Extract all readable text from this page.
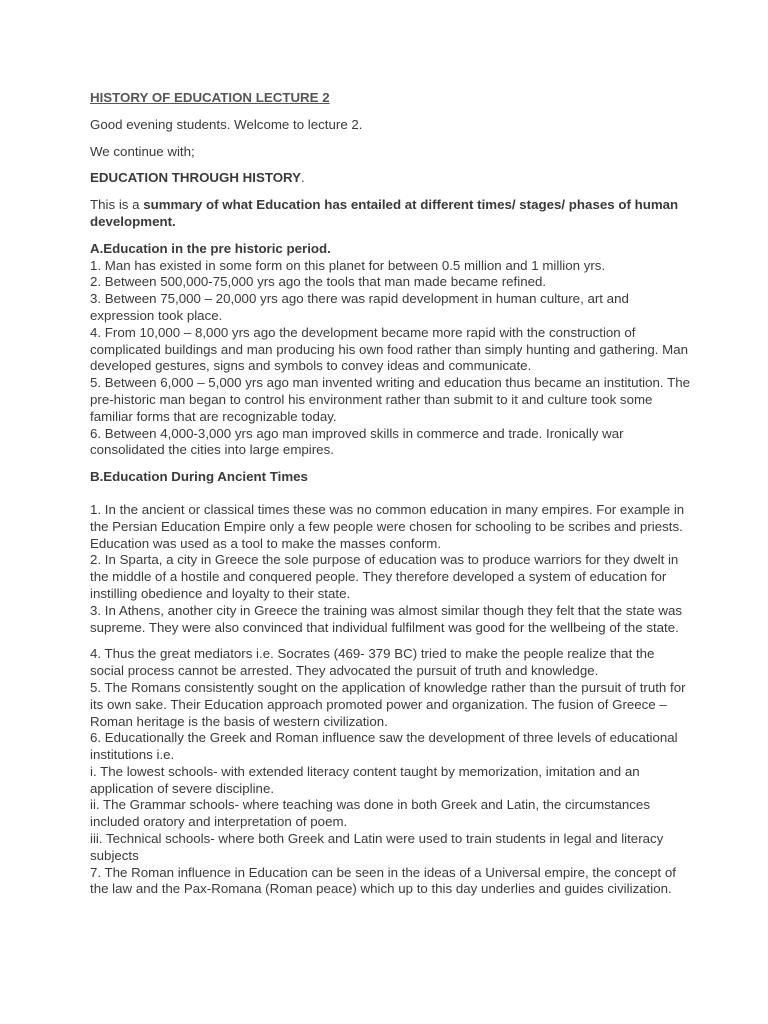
HISTORY OF EDUCATION LECTURE 2

Good evening students. Welcome to lecture 2.

We continue with;

EDUCATION THROUGH HISTORY.

This is a summary of what Education has entailed at different times/ stages/ phases of human development.

A.Education in the pre historic period.

1. Man has existed in some form on this planet for between 0.5 million and 1 million yrs.

2. Between 500,000-75,000 yrs ago the tools that man made became refined.

3. Between 75,000 – 20,000 yrs ago there was rapid development in human culture, art and expression took place.

4. From 10,000 – 8,000 yrs ago the development became more rapid with the construction of complicated buildings and man producing his own food rather than simply hunting and gathering. Man developed gestures, signs and symbols to convey ideas and communicate.

5. Between 6,000 – 5,000 yrs ago man invented writing and education thus became an institution. The pre-historic man began to control his environment rather than submit to it and culture took some familiar forms that are recognizable today.

6. Between 4,000-3,000 yrs ago man improved skills in commerce and trade. Ironically war consolidated the cities into large empires.

B.Education During Ancient Times

1. In the ancient or classical times these was no common education in many empires. For example in the Persian Education Empire only a few people were chosen for schooling to be scribes and priests. Education was used as a tool to make the masses conform.

2. In Sparta, a city in Greece the sole purpose of education was to produce warriors for they dwelt in the middle of a hostile and conquered people. They therefore developed a system of education for instilling obedience and loyalty to their state.

3. In Athens, another city in Greece the training was almost similar though they felt that the state was supreme. They were also convinced that individual fulfilment was good for the wellbeing of the state.

4. Thus the great mediators i.e. Socrates (469- 379 BC) tried to make the people realize that the social process cannot be arrested. They advocated the pursuit of truth and knowledge.

5. The Romans consistently sought on the application of knowledge rather than the pursuit of truth for its own sake. Their Education approach promoted power and organization. The fusion of Greece – Roman heritage is the basis of western civilization.

6. Educationally the Greek and Roman influence saw the development of three levels of educational institutions i.e.

i. The lowest schools- with extended literacy content taught by memorization, imitation and an application of severe discipline.

ii. The Grammar schools- where teaching was done in both Greek and Latin, the circumstances included oratory and interpretation of poem.

iii. Technical schools- where both Greek and Latin were used to train students in legal and literacy subjects

7. The Roman influence in Education can be seen in the ideas of a Universal empire, the concept of the law and the Pax-Romana (Roman peace) which up to this day underlies and guides civilization.
